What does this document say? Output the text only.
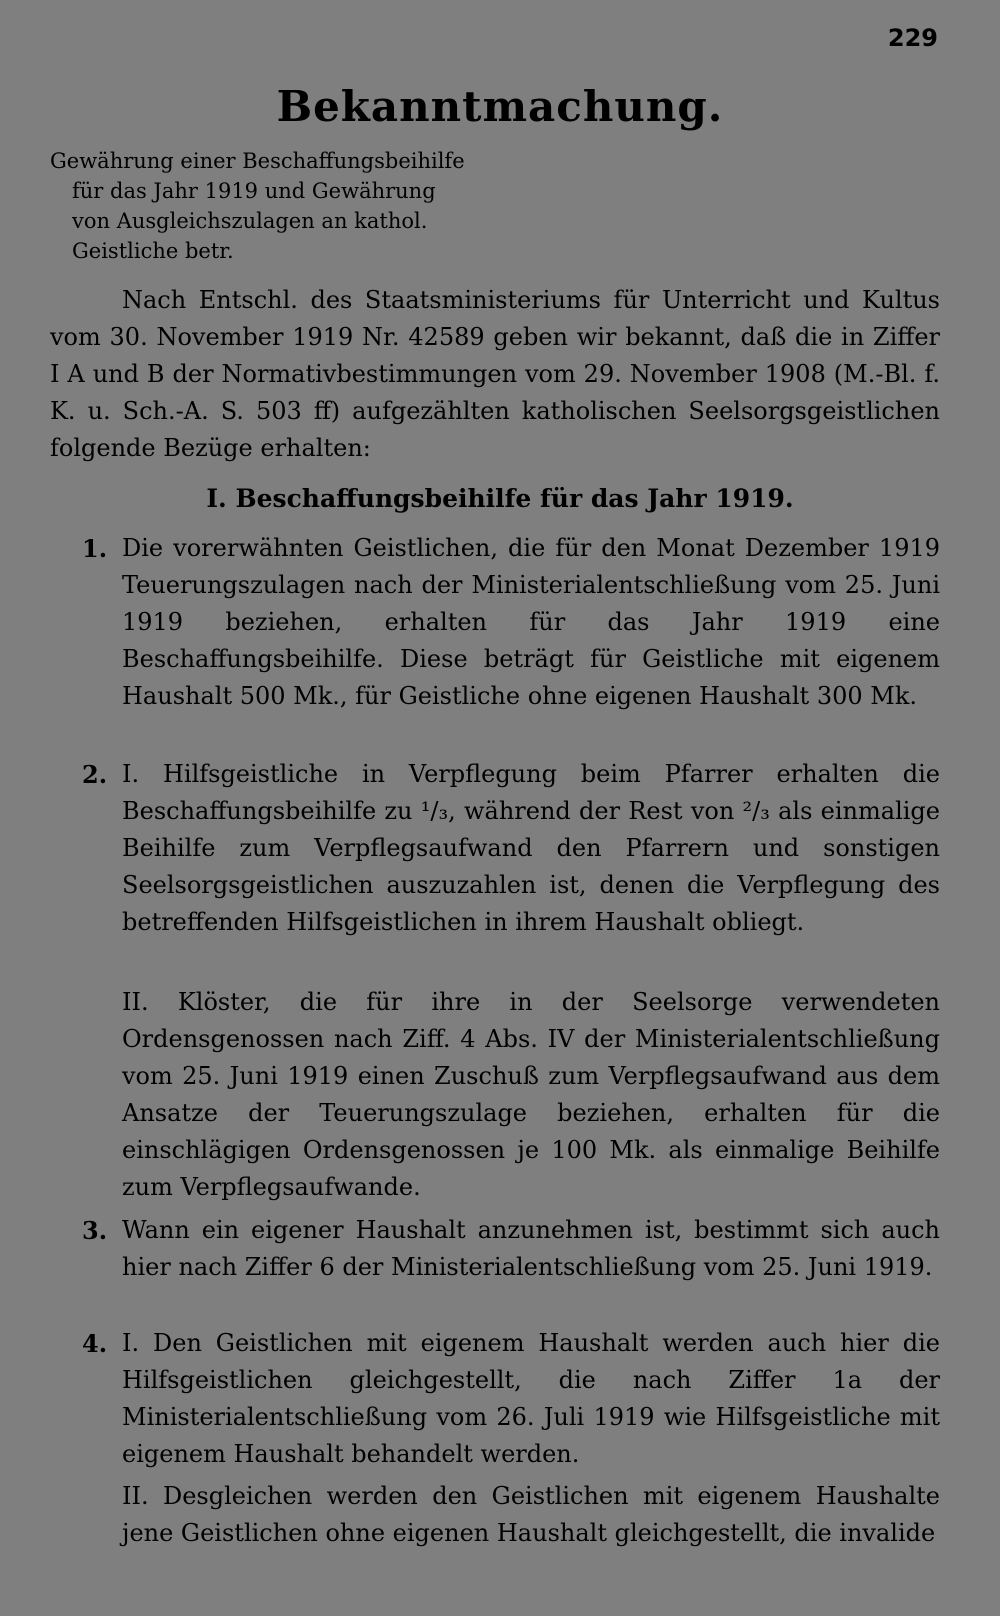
229
Bekanntmachung.
Gewährung einer Beschaffungsbeihilfe
für das Jahr 1919 und Gewährung
von Ausgleichszulagen an kathol.
Geistliche betr.
Nach Entschl. des Staatsministeriums für Unterricht und Kultus vom 30. November 1919 Nr. 42589 geben wir bekannt, daß die in Ziffer I A und B der Normativbestimmungen vom 29. November 1908 (M.-Bl. f. K. u. Sch.-A. S. 503 ff) aufgezählten katholischen Seelsorgsgeistlichen folgende Bezüge erhalten:
I. Beschaffungsbeihilfe für das Jahr 1919.
1. Die vorerwähnten Geistlichen, die für den Monat Dezember 1919 Teuerungszulagen nach der Ministerialentschließung vom 25. Juni 1919 beziehen, erhalten für das Jahr 1919 eine Beschaffungsbeihilfe. Diese beträgt für Geistliche mit eigenem Haushalt 500 Mk., für Geistliche ohne eigenen Haushalt 300 Mk.
2. I. Hilfsgeistliche in Verpflegung beim Pfarrer erhalten die Beschaffungsbeihilfe zu ¹/₃, während der Rest von ²/₃ als einmalige Beihilfe zum Verpflegsaufwand den Pfarrern und sonstigen Seelsorgsgeistlichen auszuzahlen ist, denen die Verpflegung des betreffenden Hilfsgeistlichen in ihrem Haushalt obliegt.
II. Klöster, die für ihre in der Seelsorge verwendeten Ordensgenossen nach Ziff. 4 Abs. IV der Ministerialentschließung vom 25. Juni 1919 einen Zuschuß zum Verpflegsaufwand aus dem Ansatze der Teuerungszulage beziehen, erhalten für die einschlägigen Ordensgenossen je 100 Mk. als einmalige Beihilfe zum Verpflegsaufwande.
3. Wann ein eigener Haushalt anzunehmen ist, bestimmt sich auch hier nach Ziffer 6 der Ministerialentschließung vom 25. Juni 1919.
4. I. Den Geistlichen mit eigenem Haushalt werden auch hier die Hilfsgeistlichen gleichgestellt, die nach Ziffer 1a der Ministerialentschließung vom 26. Juli 1919 wie Hilfsgeistliche mit eigenem Haushalt behandelt werden.
II. Desgleichen werden den Geistlichen mit eigenem Haushalte jene Geistlichen ohne eigenen Haushalt gleichgestellt, die invalide
